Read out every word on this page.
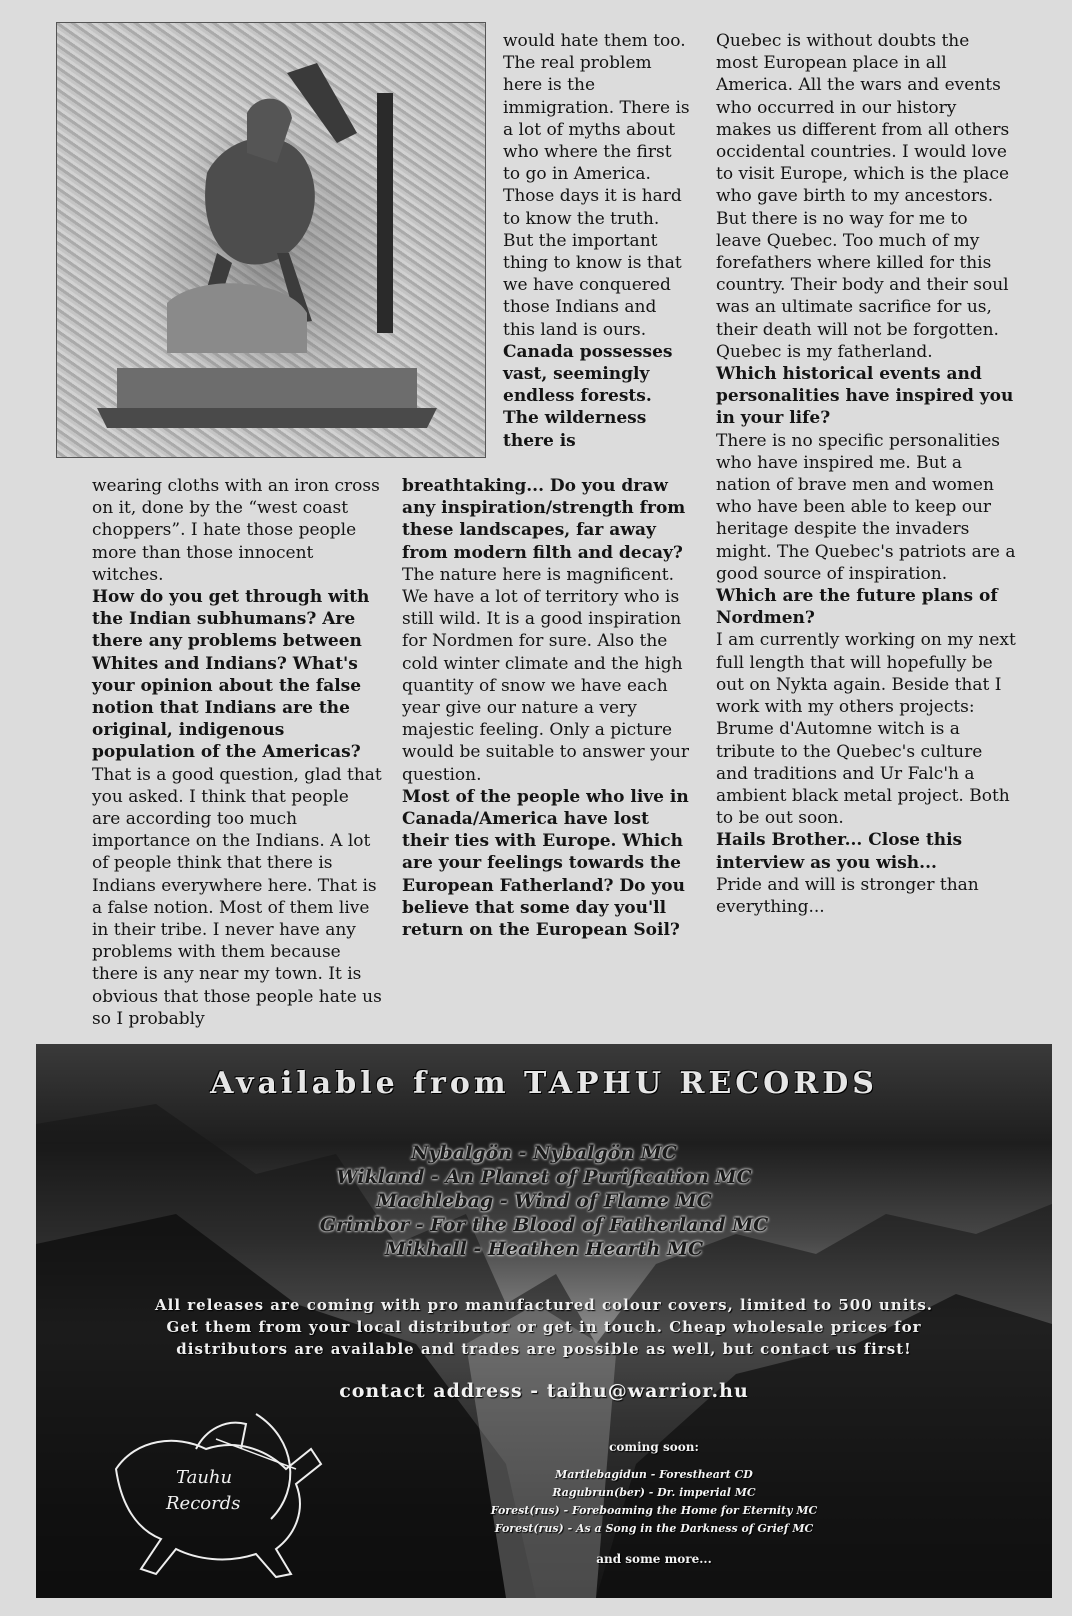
would hate them too. The real problem here is the immigration. There is a lot of myths about who where the first to go in America. Those days it is hard to know the truth. But the important thing to know is that we have conquered those Indians and this land is ours.

Canada possesses vast, seemingly endless forests. The wilderness there is

breathtaking... Do you draw any inspiration/strength from these landscapes, far away from modern filth and decay?

The nature here is magnificent. We have a lot of territory who is still wild. It is a good inspiration for Nordmen for sure. Also the cold winter climate and the high quantity of snow we have each year give our nature a very majestic feeling. Only a picture would be suitable to answer your question.

Most of the people who live in Canada/America have lost their ties with Europe. Which are your feelings towards the European Fatherland? Do you believe that some day you'll return on the European Soil?

Quebec is without doubts the most European place in all America. All the wars and events who occurred in our history makes us different from all others occidental countries. I would love to visit Europe, which is the place who gave birth to my ancestors. But there is no way for me to leave Quebec. Too much of my forefathers where killed for this country. Their body and their soul was an ultimate sacrifice for us, their death will not be forgotten. Quebec is my fatherland.

Which historical events and personalities have inspired you in your life?

There is no specific personalities who have inspired me. But a nation of brave men and women who have been able to keep our heritage despite the invaders might. The Quebec's patriots are a good source of inspiration.

Which are the future plans of Nordmen?

I am currently working on my next full length that will hopefully be out on Nykta again. Beside that I work with my others projects: Brume d'Automne witch is a tribute to the Quebec's culture and traditions and Ur Falc'h a ambient black metal project. Both to be out soon.

Hails Brother... Close this interview as you wish...

Pride and will is stronger than everything...

wearing cloths with an iron cross on it, done by the “west coast choppers”. I hate those people more than those innocent witches.

How do you get through with the Indian subhumans? Are there any problems between Whites and Indians? What's your opinion about the false notion that Indians are the original, indigenous population of the Americas?

That is a good question, glad that you asked. I think that people are according too much importance on the Indians. A lot of people think that there is Indians everywhere here. That is a false notion. Most of them live in their tribe. I never have any problems with them because there is any near my town. It is obvious that those people hate us so I probably

Available from TAPHU RECORDS
Nybalgön - Nybalgön MC
Wikland - An Planet of Purification MC
Machlebag - Wind of Flame MC
Grimbor - For the Blood of Fatherland MC
Mikhall - Heathen Hearth MC
All releases are coming with pro manufactured colour covers, limited to 500 units.
Get them from your local distributor or get in touch. Cheap wholesale prices for
distributors are available and trades are possible as well, but contact us first!
contact address - taihu@warrior.hu
coming soon:
Martlebagidun - Forestheart CD
Ragubrun(ber) - Dr. imperial MC
Forest(rus) - Foreboaming the Home for Eternity MC
Forest(rus) - As a Song in the Darkness of Grief MC
and some more...
Tauhu
Records
